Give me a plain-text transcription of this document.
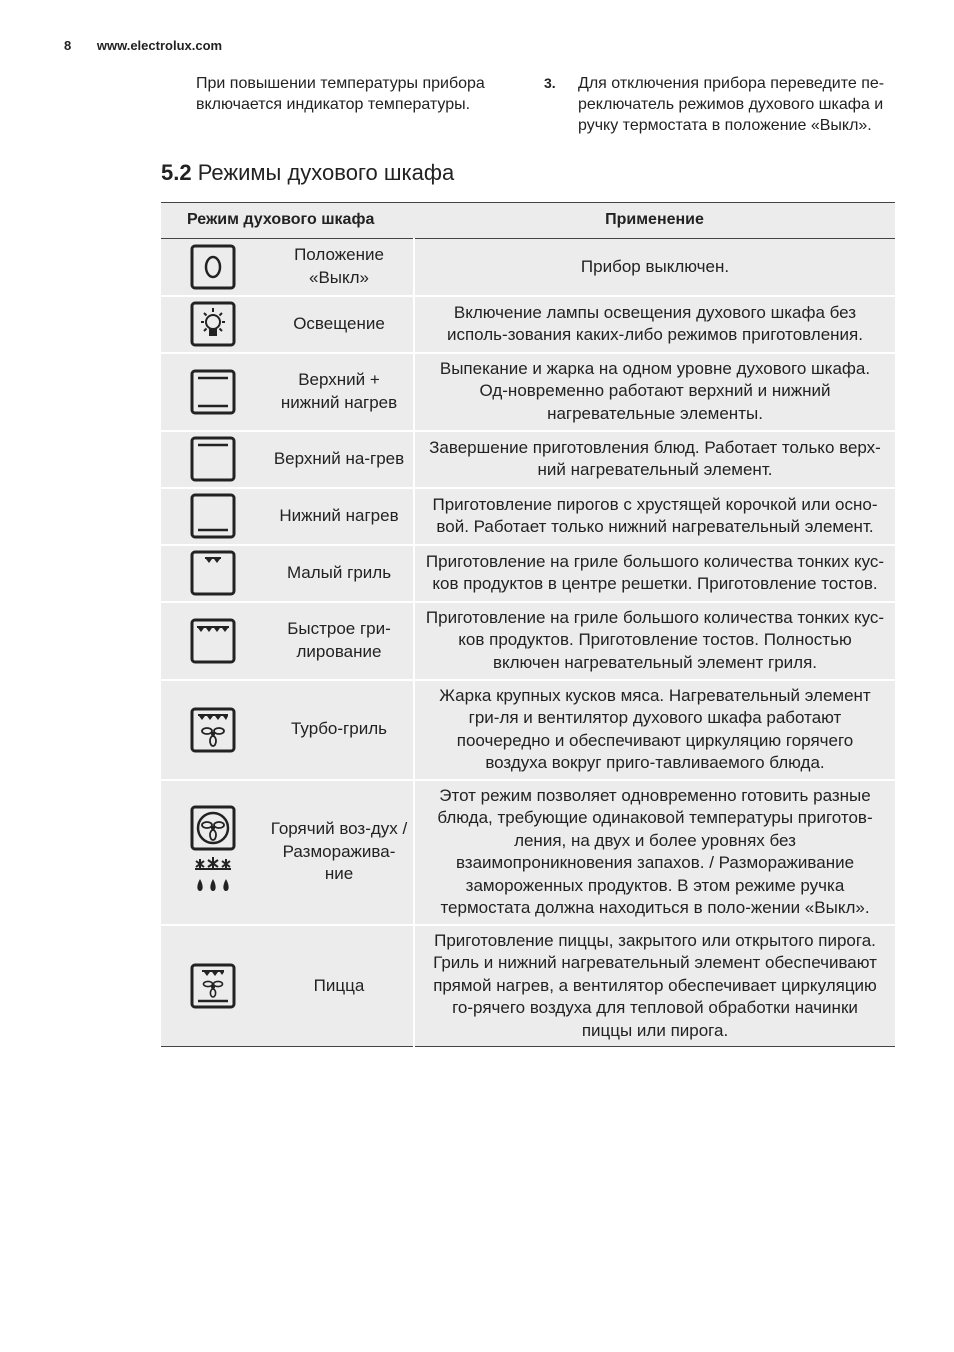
8 www.electrolux.com
При повышении температуры прибора включается индикатор температуры.
3. Для отключения прибора переведите пе-реключатель режимов духового шкафа и ручку термостата в положение «Выкл».
5.2 Режимы духового шкафа
Режим духового шкафа		Применение

	Положение «Выкл»	Прибор выключен.

	Освещение	Включение лампы освещения духового шкафа без исполь-зования каких-либо режимов приготовления.

	Верхний + нижний нагрев	Выпекание и жарка на одном уровне духового шкафа. Од-новременно работают верхний и нижний нагревательные элементы.

	Верхний на-грев	Завершение приготовления блюд. Работает только верх-ний нагревательный элемент.

	Нижний нагрев	Приготовление пирогов с хрустящей корочкой или осно-вой. Работает только нижний нагревательный элемент.

	Малый гриль	Приготовление на гриле большого количества тонких кус-ков продуктов в центре решетки. Приготовление тостов.

	Быстрое гри-лирование	Приготовление на гриле большого количества тонких кус-ков продуктов. Приготовление тостов. Полностью включен нагревательный элемент гриля.

	Турбо-гриль	Жарка крупных кусков мяса. Нагревательный элемент гри-ля и вентилятор духового шкафа работают поочередно и обеспечивают циркуляцию горячего воздуха вокруг приго-тавливаемого блюда.

	Горячий воз-дух / Разморажива-ние	Этот режим позволяет одновременно готовить разные блюда, требующие одинаковой температуры приготов-ления, на двух и более уровнях без взаимопроникновения запахов. / Размораживание замороженных продуктов. В этом режиме ручка термостата должна находиться в поло-жении «Выкл».

	Пицца	Приготовление пиццы, закрытого или открытого пирога. Гриль и нижний нагревательный элемент обеспечивают прямой нагрев, а вентилятор обеспечивает циркуляцию го-рячего воздуха для тепловой обработки начинки пиццы или пирога.
